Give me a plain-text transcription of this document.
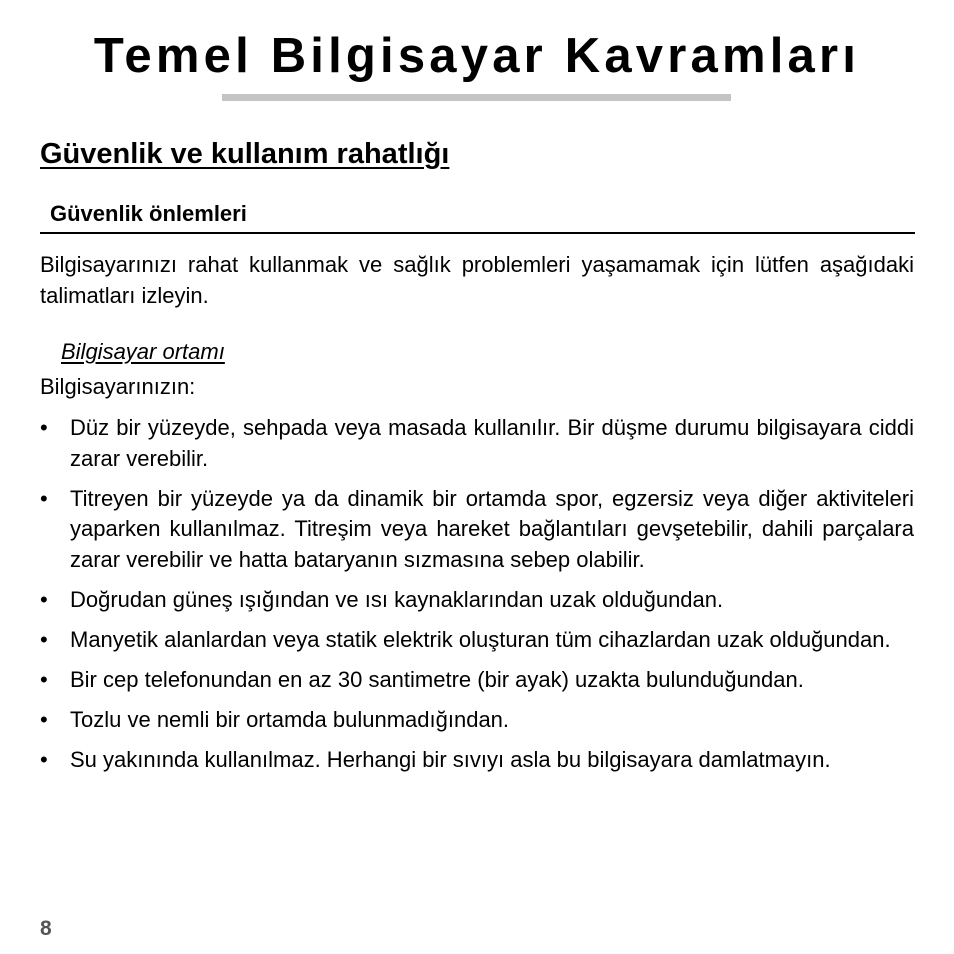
Temel Bilgisayar Kavramları
Güvenlik ve kullanım rahatlığı
Güvenlik önlemleri

Bilgisayarınızı rahat kullanmak ve sağlık problemleri yaşamamak için lütfen aşağıdaki talimatları izleyin.

Bilgisayar ortamı

Bilgisayarınızın:

• Düz bir yüzeyde, sehpada veya masada kullanılır. Bir düşme durumu bilgisayara ciddi zarar verebilir.
• Titreyen bir yüzeyde ya da dinamik bir ortamda spor, egzersiz veya diğer aktiviteleri yaparken kullanılmaz. Titreşim veya hareket bağlantıları gevşetebilir, dahili parçalara zarar verebilir ve hatta bataryanın sızmasına sebep olabilir.
• Doğrudan güneş ışığından ve ısı kaynaklarından uzak olduğundan.
• Manyetik alanlardan veya statik elektrik oluşturan tüm cihazlardan uzak olduğundan.
• Bir cep telefonundan en az 30 santimetre (bir ayak) uzakta bulunduğundan.
• Tozlu ve nemli bir ortamda bulunmadığından.
• Su yakınında kullanılmaz. Herhangi bir sıvıyı asla bu bilgisayara damlatmayın.

8
